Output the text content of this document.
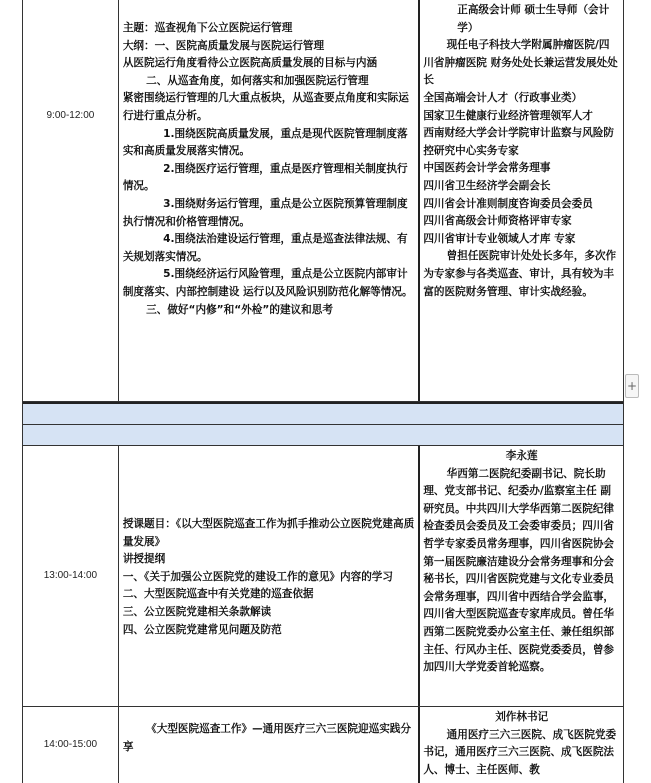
9:00-12:00

主题：巡查视角下公立医院运行管理

大纲：一、医院高质量发展与医院运行管理

从医院运行角度看待公立医院高质量发展的目标与内涵

二、从巡查角度，如何落实和加强医院运行管理

紧密围绕运行管理的几大重点板块，从巡查要点角度和实际运行进行重点分析。

1.围绕医院高质量发展，重点是现代医院管理制度落实和高质量发展落实情况。

2.围绕医疗运行管理，重点是医疗管理相关制度执行情况。

3.围绕财务运行管理，重点是公立医院预算管理制度执行情况和价格管理情况。

4.围绕法治建设运行管理，重点是巡查法律法规、有关规划落实情况。

5.围绕经济运行风险管理，重点是公立医院内部审计制度落实、内部控制建设 运行以及风险识别防范化解等情况。

三、做好“内修”和“外检”的建议和思考

正高级会计师 硕士生导师（会计学）

现任电子科技大学附属肿瘤医院/四川省肿瘤医院 财务处处长兼运营发展处处长

全国高端会计人才（行政事业类）

国家卫生健康行业经济管理领军人才

西南财经大学会计学院审计监察与风险防控研究中心实务专家

中国医药会计学会常务理事

四川省卫生经济学会副会长

四川省会计准则制度咨询委员会委员

四川省高级会计师资格评审专家

四川省审计专业领域人才库 专家

曾担任医院审计处处长多年，多次作为专家参与各类巡查、审计，具有较为丰富的医院财务管理、审计实战经验。

13:00-14:00

授课题目：《以大型医院巡查工作为抓手推动公立医院党建高质量发展》

讲授提纲

一、《关于加强公立医院党的建设工作的意见》内容的学习

二、大型医院巡查中有关党建的巡查依据

三、公立医院党建相关条款解读

四、公立医院党建常见问题及防范

李永莲

华西第二医院纪委副书记、院长助理、党支部书记、纪委办/监察室主任 副研究员。中共四川大学华西第二医院纪律检查委员会委员及工会委审委员；四川省哲学专家委员常务理事，四川省医院协会第一届医院廉洁建设分会常务理事和分会秘书长，四川省医院党建与文化专业委员会常务理事，四川省中西结合学会监事，四川省大型医院巡查专家库成员。曾任华西第二医院党委办公室主任、兼任组织部主任、行风办主任、医院党委委员，曾参加四川大学党委首轮巡察。

14:00-15:00

《大型医院巡查工作》—通用医疗三六三医院迎巡实践分享

刘作林书记

通用医疗三六三医院、成飞医院党委书记，通用医疗三六三医院、成飞医院法人、博士、主任医师、教

+
